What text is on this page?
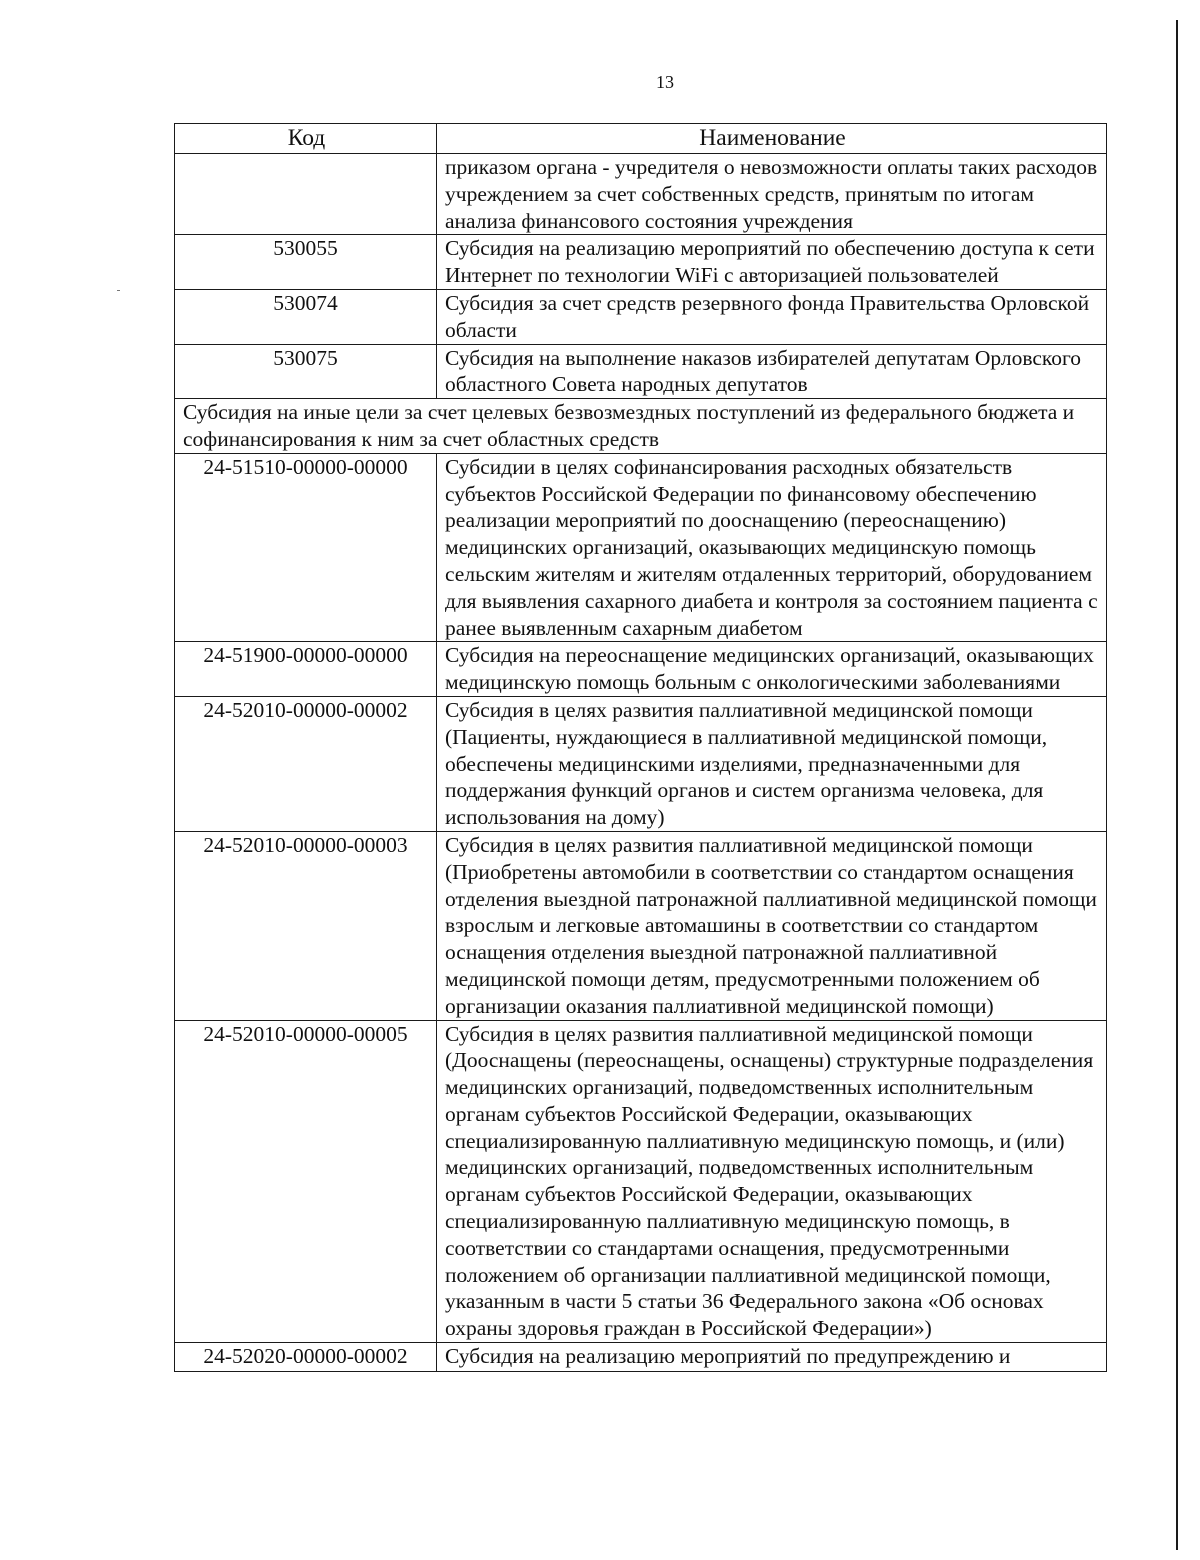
13
Код	Наименование
	приказом органа - учредителя о невозможности оплаты таких расходов учреждением за счет собственных средств, принятым по итогам анализа финансового состояния учреждения
530055	Субсидия на реализацию мероприятий по обеспечению доступа к сети Интернет по технологии WiFi с авторизацией пользователей
530074	Субсидия за счет средств резервного фонда Правительства Орловской области
530075	Субсидия на выполнение наказов избирателей депутатам Орловского областного Совета народных депутатов
Субсидия на иные цели за счет целевых безвозмездных поступлений из федерального бюджета и софинансирования к ним за счет областных средств	
24-51510-00000-00000	Субсидии в целях софинансирования расходных обязательств субъектов Российской Федерации по финансовому обеспечению реализации мероприятий по дооснащению (переоснащению) медицинских организаций, оказывающих медицинскую помощь сельским жителям и жителям отдаленных территорий, оборудованием для выявления сахарного диабета и контроля за состоянием пациента с ранее выявленным сахарным диабетом
24-51900-00000-00000	Субсидия на переоснащение медицинских организаций, оказывающих медицинскую помощь больным с онкологическими заболеваниями
24-52010-00000-00002	Субсидия в целях развития паллиативной медицинской помощи (Пациенты, нуждающиеся в паллиативной медицинской помощи, обеспечены медицинскими изделиями, предназначенными для поддержания функций органов и систем организма человека, для использования на дому)
24-52010-00000-00003	Субсидия в целях развития паллиативной медицинской помощи (Приобретены автомобили в соответствии со стандартом оснащения отделения выездной патронажной паллиативной медицинской помощи взрослым и легковые автомашины в соответствии со стандартом оснащения отделения выездной патронажной паллиативной медицинской помощи детям, предусмотренными положением об организации оказания паллиативной медицинской помощи)
24-52010-00000-00005	Субсидия в целях развития паллиативной медицинской помощи (Дооснащены (переоснащены, оснащены) структурные подразделения медицинских организаций, подведомственных исполнительным органам субъектов Российской Федерации, оказывающих специализированную паллиативную медицинскую помощь, и (или) медицинских организаций, подведомственных исполнительным органам субъектов Российской Федерации, оказывающих специализированную паллиативную медицинскую помощь, в соответствии со стандартами оснащения, предусмотренными положением об организации паллиативной медицинской помощи, указанным в части 5 статьи 36 Федерального закона «Об основах охраны здоровья граждан в Российской Федерации»)
24-52020-00000-00002	Субсидия на реализацию мероприятий по предупреждению и
